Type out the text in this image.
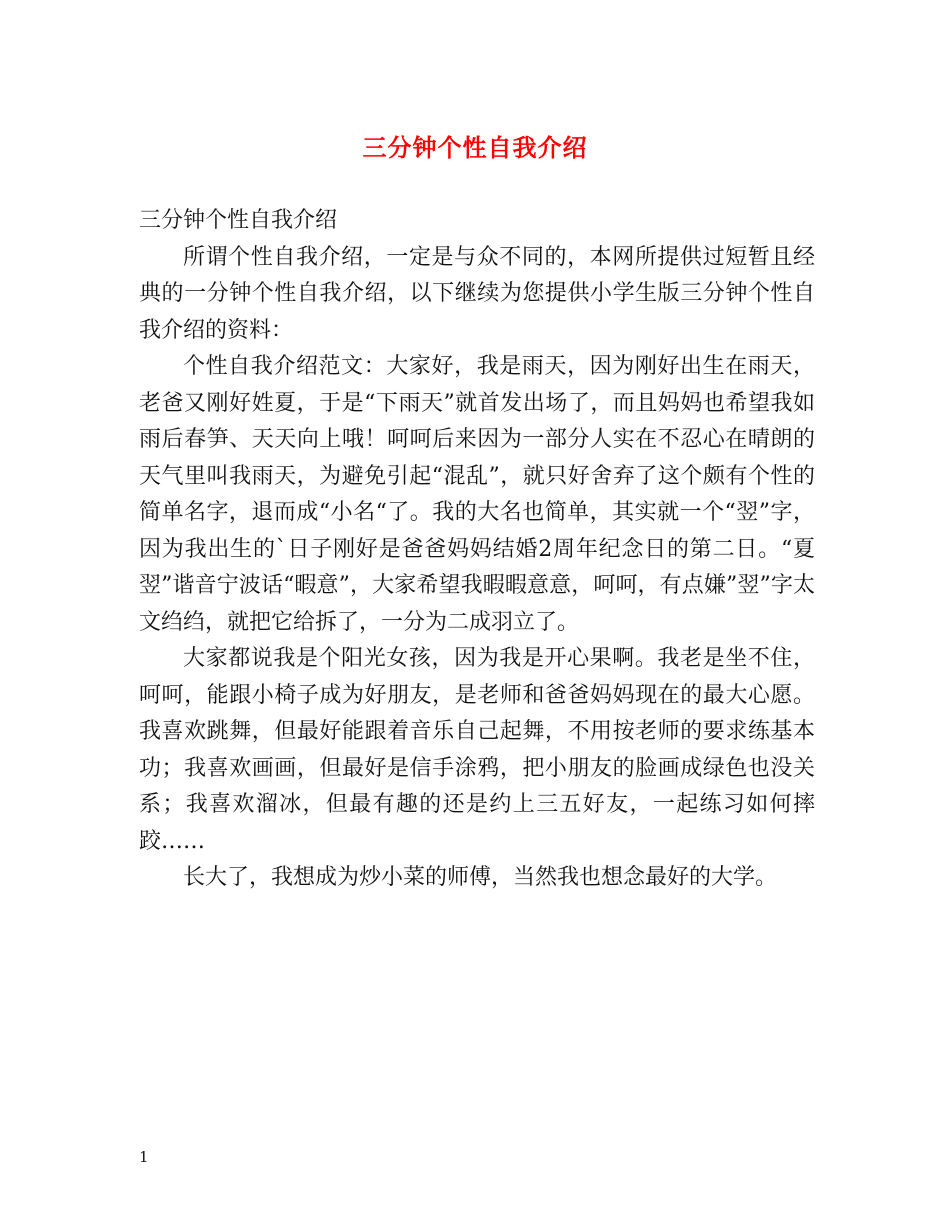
三分钟个性自我介绍

三分钟个性自我介绍

所谓个性自我介绍，一定是与众不同的，本网所提供过短暂且经典的一分钟个性自我介绍，以下继续为您提供小学生版三分钟个性自我介绍的资料：

个性自我介绍范文：大家好，我是雨天，因为刚好出生在雨天，老爸又刚好姓夏，于是“下雨天”就首发出场了，而且妈妈也希望我如雨后春笋、天天向上哦！呵呵后来因为一部分人实在不忍心在晴朗的天气里叫我雨天，为避免引起“混乱”，就只好舍弃了这个颇有个性的简单名字，退而成“小名“了。我的大名也简单，其实就一个“翌”字，因为我出生的`日子刚好是爸爸妈妈结婚2周年纪念日的第二日。“夏翌”谐音宁波话“暇意”，大家希望我暇暇意意，呵呵，有点嫌”翌”字太文绉绉，就把它给拆了，一分为二成羽立了。

大家都说我是个阳光女孩，因为我是开心果啊。我老是坐不住，呵呵，能跟小椅子成为好朋友，是老师和爸爸妈妈现在的最大心愿。我喜欢跳舞，但最好能跟着音乐自己起舞，不用按老师的要求练基本功；我喜欢画画，但最好是信手涂鸦，把小朋友的脸画成绿色也没关系；我喜欢溜冰，但最有趣的还是约上三五好友，一起练习如何摔跤……

长大了，我想成为炒小菜的师傅，当然我也想念最好的大学。

1
